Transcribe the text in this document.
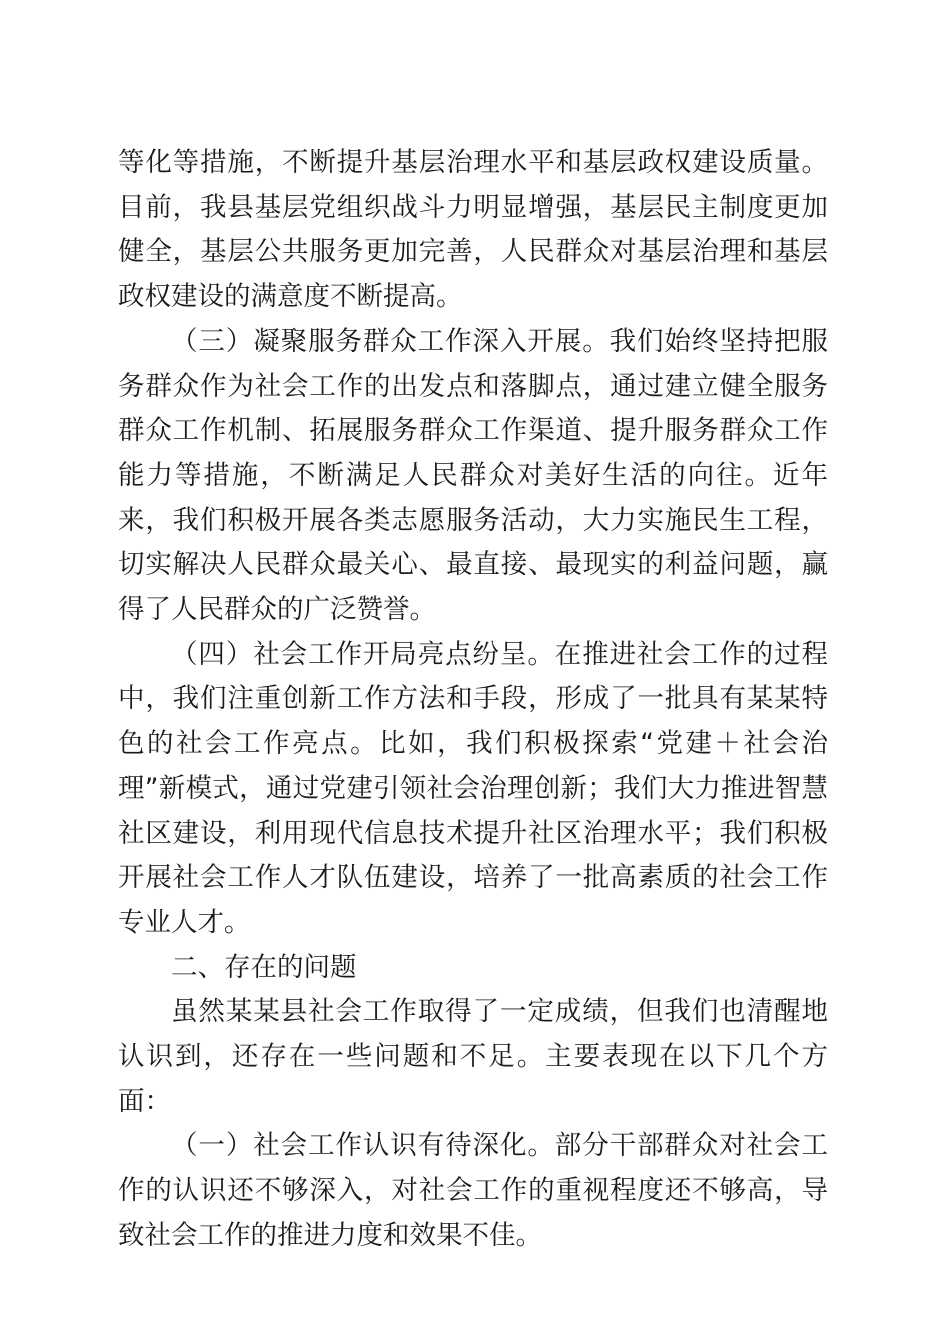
等化等措施，不断提升基层治理水平和基层政权建设质量。目前，我县基层党组织战斗力明显增强，基层民主制度更加健全，基层公共服务更加完善，人民群众对基层治理和基层政权建设的满意度不断提高。

（三）凝聚服务群众工作深入开展。我们始终坚持把服务群众作为社会工作的出发点和落脚点，通过建立健全服务群众工作机制、拓展服务群众工作渠道、提升服务群众工作能力等措施，不断满足人民群众对美好生活的向往。近年来，我们积极开展各类志愿服务活动，大力实施民生工程，切实解决人民群众最关心、最直接、最现实的利益问题，赢得了人民群众的广泛赞誉。

（四）社会工作开局亮点纷呈。在推进社会工作的过程中，我们注重创新工作方法和手段，形成了一批具有某某特色的社会工作亮点。比如，我们积极探索“党建＋社会治理”新模式，通过党建引领社会治理创新；我们大力推进智慧社区建设，利用现代信息技术提升社区治理水平；我们积极开展社会工作人才队伍建设，培养了一批高素质的社会工作专业人才。

二、存在的问题

虽然某某县社会工作取得了一定成绩，但我们也清醒地认识到，还存在一些问题和不足。主要表现在以下几个方面：

（一）社会工作认识有待深化。部分干部群众对社会工作的认识还不够深入，对社会工作的重视程度还不够高，导致社会工作的推进力度和效果不佳。
